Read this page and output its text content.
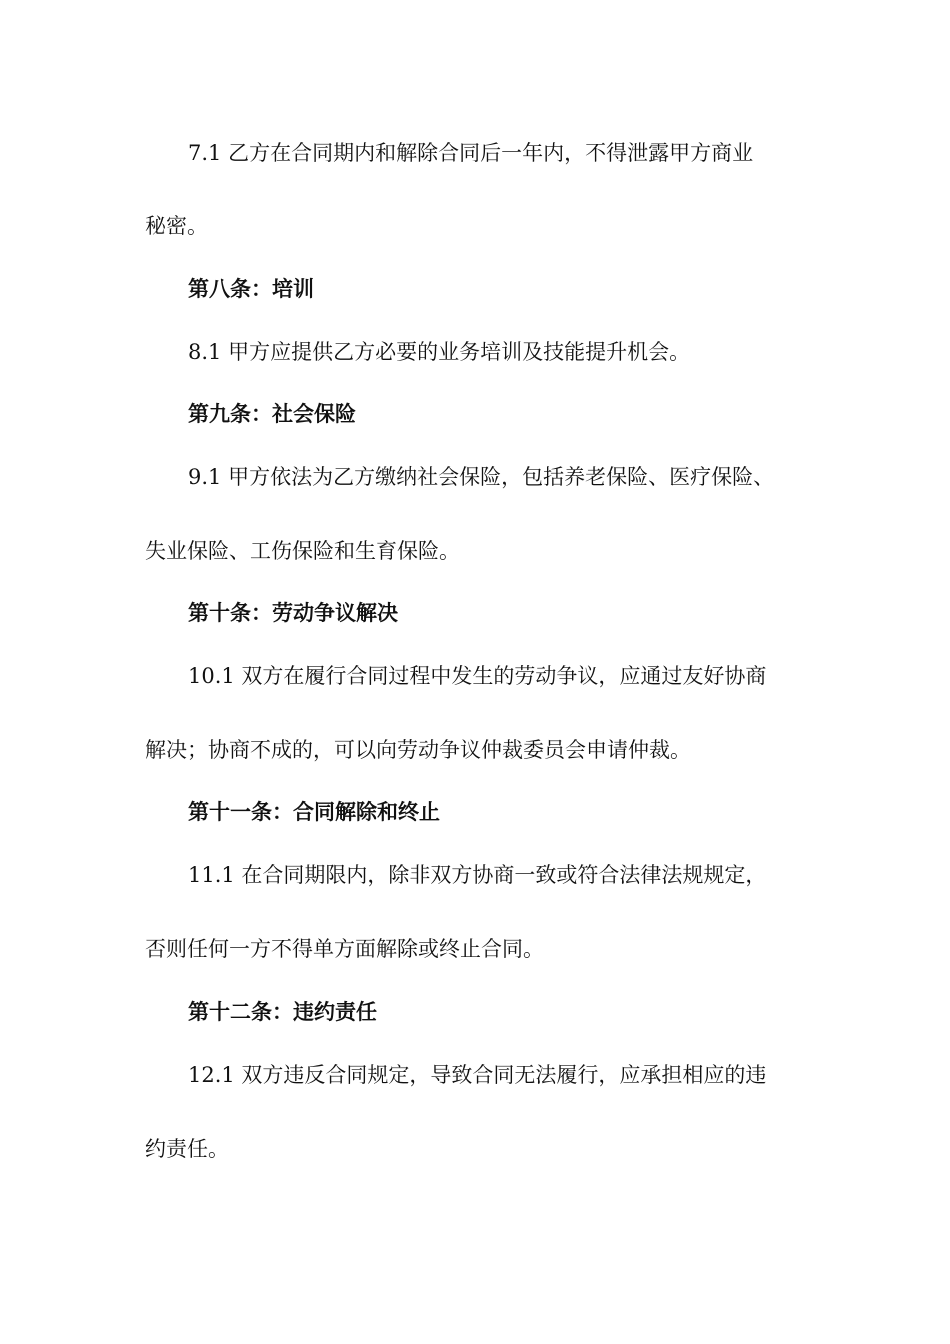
7.1 乙方在合同期内和解除合同后一年内，不得泄露甲方商业
秘密。
第八条：培训
8.1 甲方应提供乙方必要的业务培训及技能提升机会。
第九条：社会保险
9.1 甲方依法为乙方缴纳社会保险，包括养老保险、医疗保险、
失业保险、工伤保险和生育保险。
第十条：劳动争议解决
10.1 双方在履行合同过程中发生的劳动争议，应通过友好协商
解决；协商不成的，可以向劳动争议仲裁委员会申请仲裁。
第十一条：合同解除和终止
11.1 在合同期限内，除非双方协商一致或符合法律法规规定，
否则任何一方不得单方面解除或终止合同。
第十二条：违约责任
12.1 双方违反合同规定，导致合同无法履行，应承担相应的违
约责任。
